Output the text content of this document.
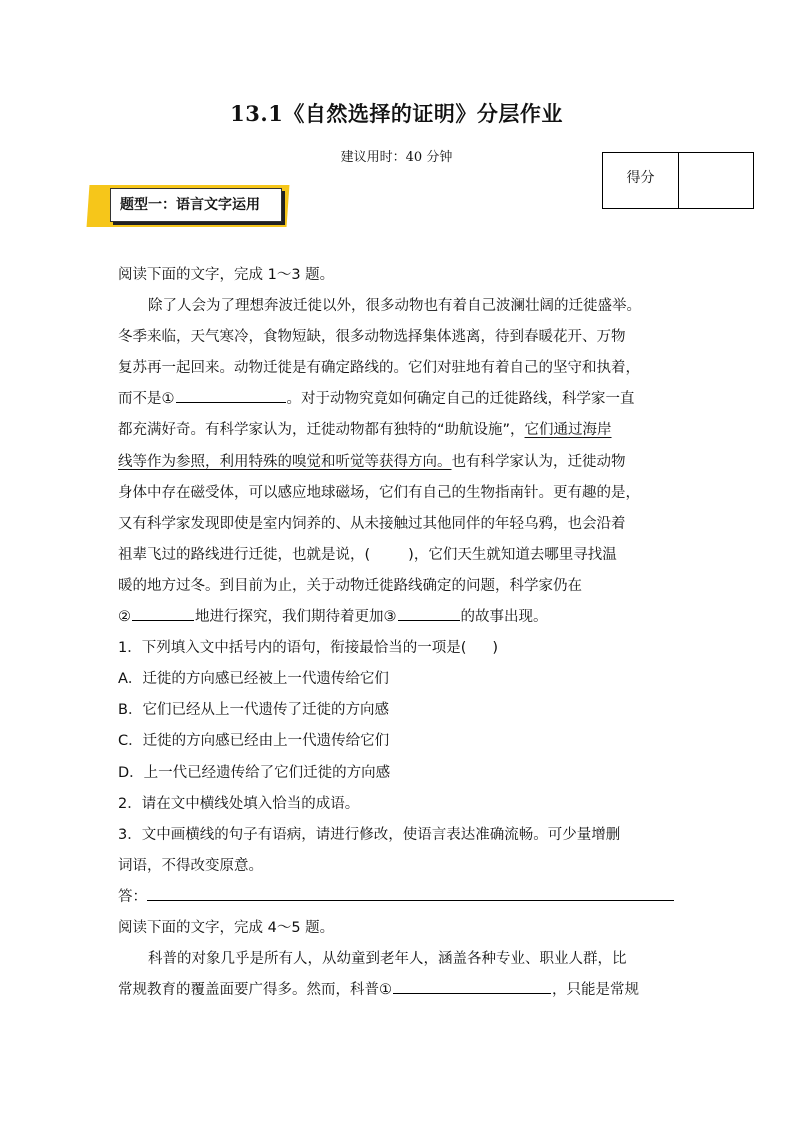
13.1《自然选择的证明》分层作业
建议用时：40 分钟
得分
题型一：语言文字运用
阅读下面的文字，完成 1～3 题。
除了人会为了理想奔波迁徙以外，很多动物也有着自己波澜壮阔的迁徙盛举。
冬季来临，天气寒冷，食物短缺，很多动物选择集体逃离，待到春暖花开、万物
复苏再一起回来。动物迁徙是有确定路线的。它们对驻地有着自己的坚守和执着，
而不是①	。对于动物究竟如何确定自己的迁徙路线，科学家一直
都充满好奇。有科学家认为，迁徙动物都有独特的“助航设施”，它们通过海岸
线等作为参照，利用特殊的嗅觉和听觉等获得方向。也有科学家认为，迁徙动物
身体中存在磁受体，可以感应地球磁场，它们有自己的生物指南针。更有趣的是，
又有科学家发现即使是室内饲养的、从未接触过其他同伴的年轻乌鸦，也会沿着
祖辈飞过的路线进行迁徙，也就是说，(	)，它们天生就知道去哪里寻找温
暖的地方过冬。到目前为止，关于动物迁徙路线确定的问题，科学家仍在
②	地进行探究，我们期待着更加③	的故事出现。
1．下列填入文中括号内的语句，衔接最恰当的一项是( )
A．迁徙的方向感已经被上一代遗传给它们
B．它们已经从上一代遗传了迁徙的方向感
C．迁徙的方向感已经由上一代遗传给它们
D．上一代已经遗传给了它们迁徙的方向感
2．请在文中横线处填入恰当的成语。
3．文中画横线的句子有语病，请进行修改，使语言表达准确流畅。可少量增删
词语，不得改变原意。
答：
阅读下面的文字，完成 4～5 题。
科普的对象几乎是所有人，从幼童到老年人，涵盖各种专业、职业人群，比
常规教育的覆盖面要广得多。然而，科普①	，只能是常规
